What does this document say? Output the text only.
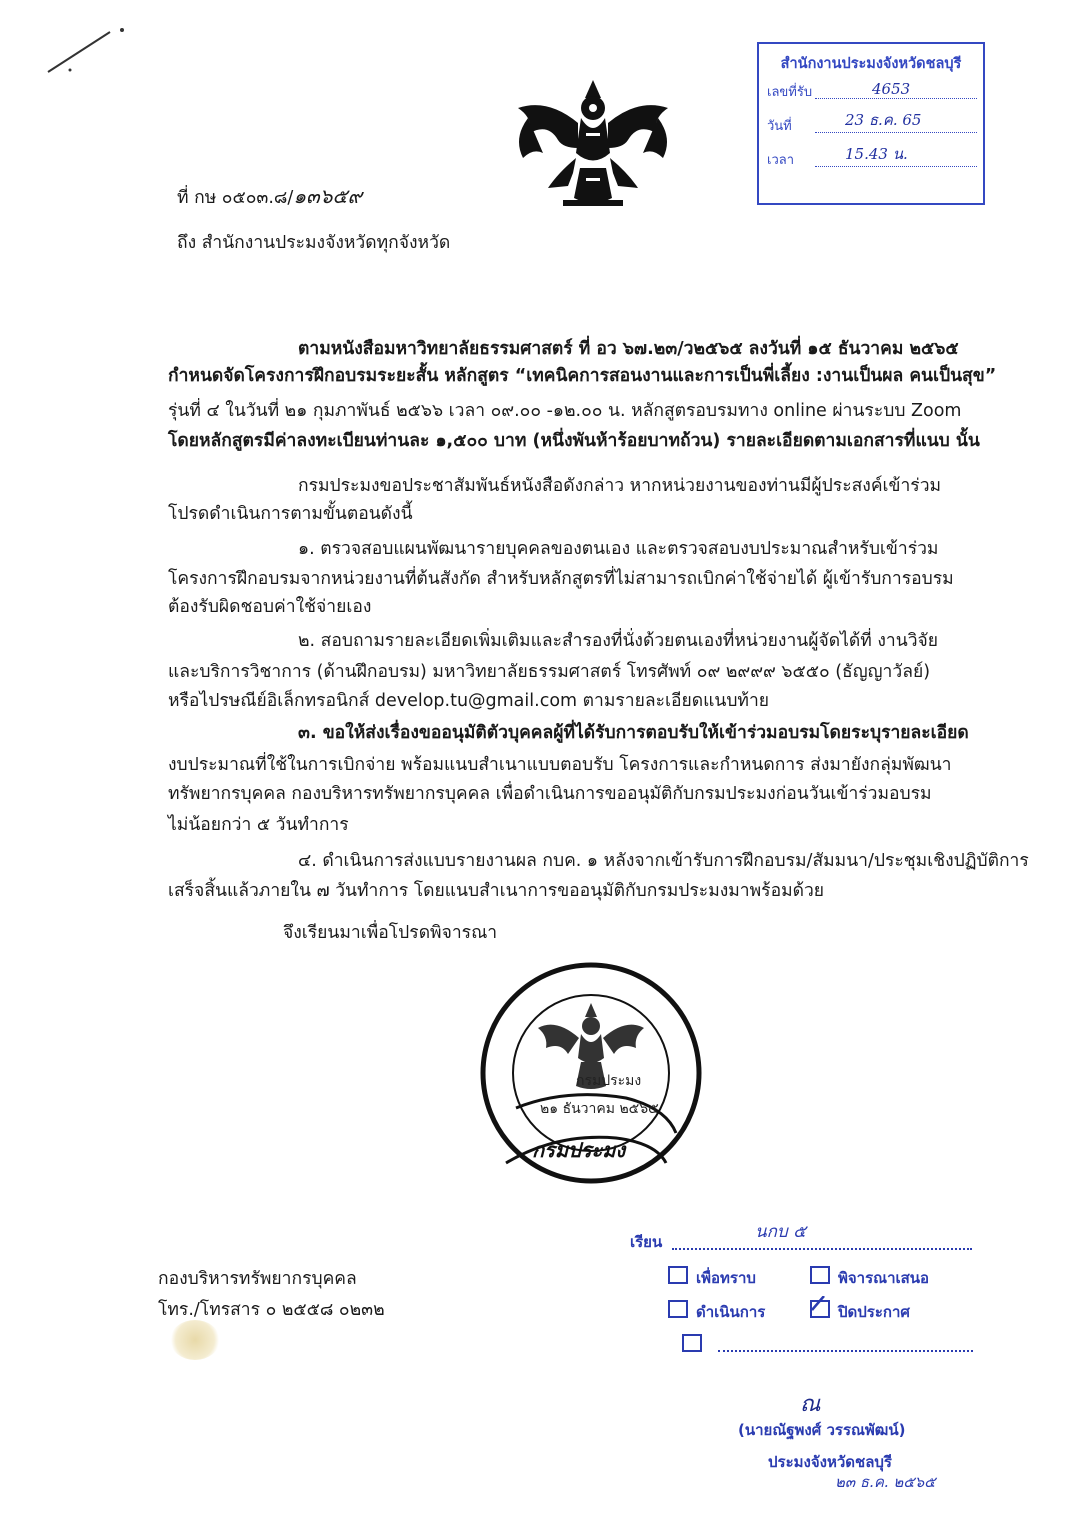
สำนักงานประมงจังหวัดชลบุรี
เลขที่รับ	4653
วันที่	23 ธ.ค. 65
เวลา	15.43 น.
ที่ กษ ๐๕๐๓.๘/๑๓๖๕๙
ถึง สำนักงานประมงจังหวัดทุกจังหวัด
ตามหนังสือมหาวิทยาลัยธรรมศาสตร์ ที่ อว ๖๗.๒๓/ว๒๕๖๕ ลงวันที่ ๑๕ ธันวาคม ๒๕๖๕
กำหนดจัดโครงการฝึกอบรมระยะสั้น หลักสูตร “เทคนิคการสอนงานและการเป็นพี่เลี้ยง :งานเป็นผล คนเป็นสุข”
รุ่นที่ ๔ ในวันที่ ๒๑ กุมภาพันธ์ ๒๕๖๖ เวลา ๐๙.๐๐ -๑๒.๐๐ น. หลักสูตรอบรมทาง online ผ่านระบบ Zoom
โดยหลักสูตรมีค่าลงทะเบียนท่านละ ๑,๕๐๐ บาท (หนึ่งพันห้าร้อยบาทถ้วน) รายละเอียดตามเอกสารที่แนบ นั้น
กรมประมงขอประชาสัมพันธ์หนังสือดังกล่าว หากหน่วยงานของท่านมีผู้ประสงค์เข้าร่วม
โปรดดำเนินการตามขั้นตอนดังนี้
๑. ตรวจสอบแผนพัฒนารายบุคคลของตนเอง และตรวจสอบงบประมาณสำหรับเข้าร่วม
โครงการฝึกอบรมจากหน่วยงานที่ต้นสังกัด สำหรับหลักสูตรที่ไม่สามารถเบิกค่าใช้จ่ายได้ ผู้เข้ารับการอบรม
ต้องรับผิดชอบค่าใช้จ่ายเอง
๒. สอบถามรายละเอียดเพิ่มเติมและสำรองที่นั่งด้วยตนเองที่หน่วยงานผู้จัดได้ที่ งานวิจัย
และบริการวิชาการ (ด้านฝึกอบรม) มหาวิทยาลัยธรรมศาสตร์ โทรศัพท์ ๐๙ ๒๙๙๙ ๖๕๕๐ (ธัญญาวัลย์)
หรือไปรษณีย์อิเล็กทรอนิกส์ develop.tu@gmail.com ตามรายละเอียดแนบท้าย
๓. ขอให้ส่งเรื่องขออนุมัติตัวบุคคลผู้ที่ได้รับการตอบรับให้เข้าร่วมอบรมโดยระบุรายละเอียด
งบประมาณที่ใช้ในการเบิกจ่าย พร้อมแนบสำเนาแบบตอบรับ โครงการและกำหนดการ ส่งมายังกลุ่มพัฒนา
ทรัพยากรบุคคล กองบริหารทรัพยากรบุคคล เพื่อดำเนินการขออนุมัติกับกรมประมงก่อนวันเข้าร่วมอบรม
ไม่น้อยกว่า ๕ วันทำการ
๔. ดำเนินการส่งแบบรายงานผล กบค. ๑ หลังจากเข้ารับการฝึกอบรม/สัมมนา/ประชุมเชิงปฏิบัติการ
เสร็จสิ้นแล้วภายใน ๗ วันทำการ โดยแนบสำเนาการขออนุมัติกับกรมประมงมาพร้อมด้วย
จึงเรียนมาเพื่อโปรดพิจารณา
กรมประมง
๒๑ ธันวาคม ๒๕๖๕
กรมประมง
กองบริหารทรัพยากรบุคคล
โทร./โทรสาร ๐ ๒๕๕๘ ๐๒๓๒
เรียน	นกบ ๕
เพื่อทราบ	พิจารณาเสนอ
ดำเนินการ	ปิดประกาศ
ณ
(นายณัฐพงศ์ วรรณพัฒน์)
ประมงจังหวัดชลบุรี
๒๓ ธ.ค. ๒๕๖๕
